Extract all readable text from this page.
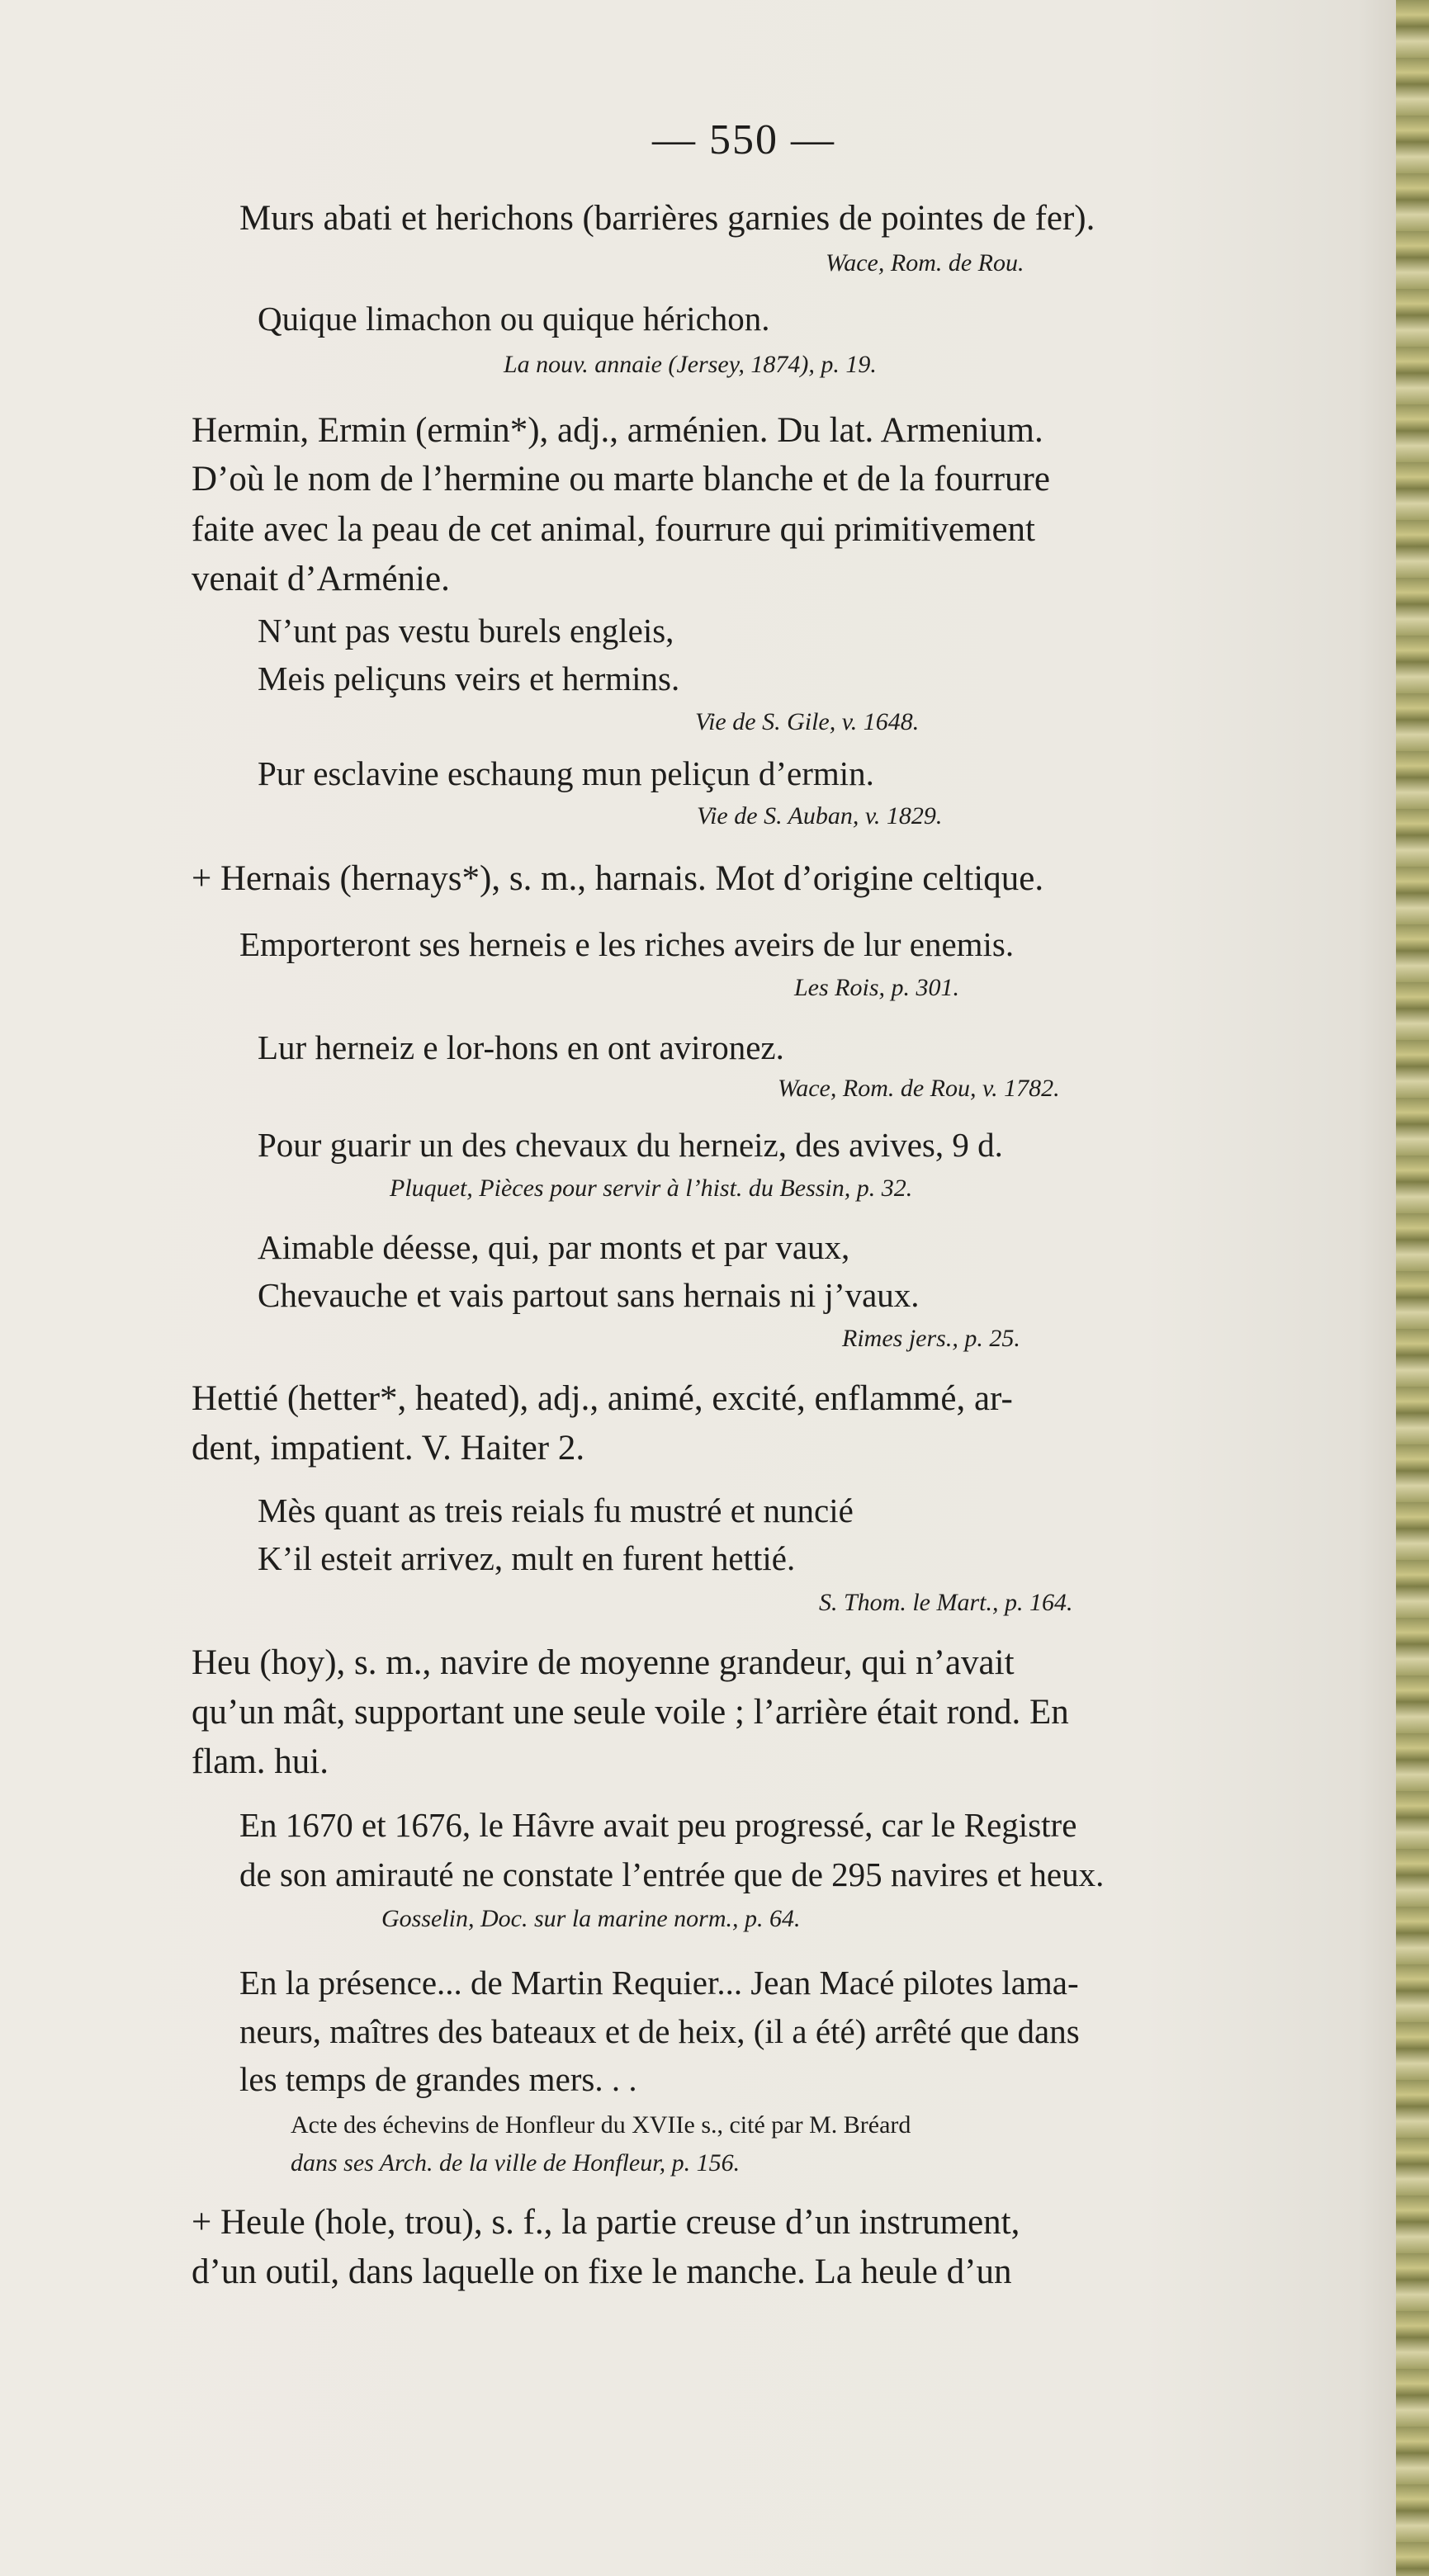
— 550 —
Murs abati et herichons (barrières garnies de pointes de fer).
Wace, Rom. de Rou.
Quique limachon ou quique hérichon.
La nouv. annaie (Jersey, 1874), p. 19.
Hermin, Ermin (ermin*), adj., arménien. Du lat. Armenium.
D’où le nom de l’hermine ou marte blanche et de la fourrure
faite avec la peau de cet animal, fourrure qui primitivement
venait d’Arménie.
N’unt pas vestu burels engleis,
Meis peliçuns veirs et hermins.
Vie de S. Gile, v. 1648.
Pur esclavine eschaung mun peliçun d’ermin.
Vie de S. Auban, v. 1829.
+ Hernais (hernays*), s. m., harnais. Mot d’origine celtique.
Emporteront ses herneis e les riches aveirs de lur enemis.
Les Rois, p. 301.
Lur herneiz e lor-hons en ont avironez.
Wace, Rom. de Rou, v. 1782.
Pour guarir un des chevaux du herneiz, des avives, 9 d.
Pluquet, Pièces pour servir à l’hist. du Bessin, p. 32.
Aimable déesse, qui, par monts et par vaux,
Chevauche et vais partout sans hernais ni j’vaux.
Rimes jers., p. 25.
Hettié (hetter*, heated), adj., animé, excité, enflammé, ar-
dent, impatient. V. Haiter 2.
Mès quant as treis reials fu mustré et nuncié
K’il esteit arrivez, mult en furent hettié.
S. Thom. le Mart., p. 164.
Heu (hoy), s. m., navire de moyenne grandeur, qui n’avait
qu’un mât, supportant une seule voile ; l’arrière était rond. En
flam. hui.
En 1670 et 1676, le Hâvre avait peu progressé, car le Registre
de son amirauté ne constate l’entrée que de 295 navires et heux.
Gosselin, Doc. sur la marine norm., p. 64.
En la présence... de Martin Requier... Jean Macé pilotes lama-
neurs, maîtres des bateaux et de heix, (il a été) arrêté que dans
les temps de grandes mers. . .
Acte des échevins de Honfleur du XVIIe s., cité par M. Bréard
dans ses Arch. de la ville de Honfleur, p. 156.
+ Heule (hole, trou), s. f., la partie creuse d’un instrument,
d’un outil, dans laquelle on fixe le manche. La heule d’un
